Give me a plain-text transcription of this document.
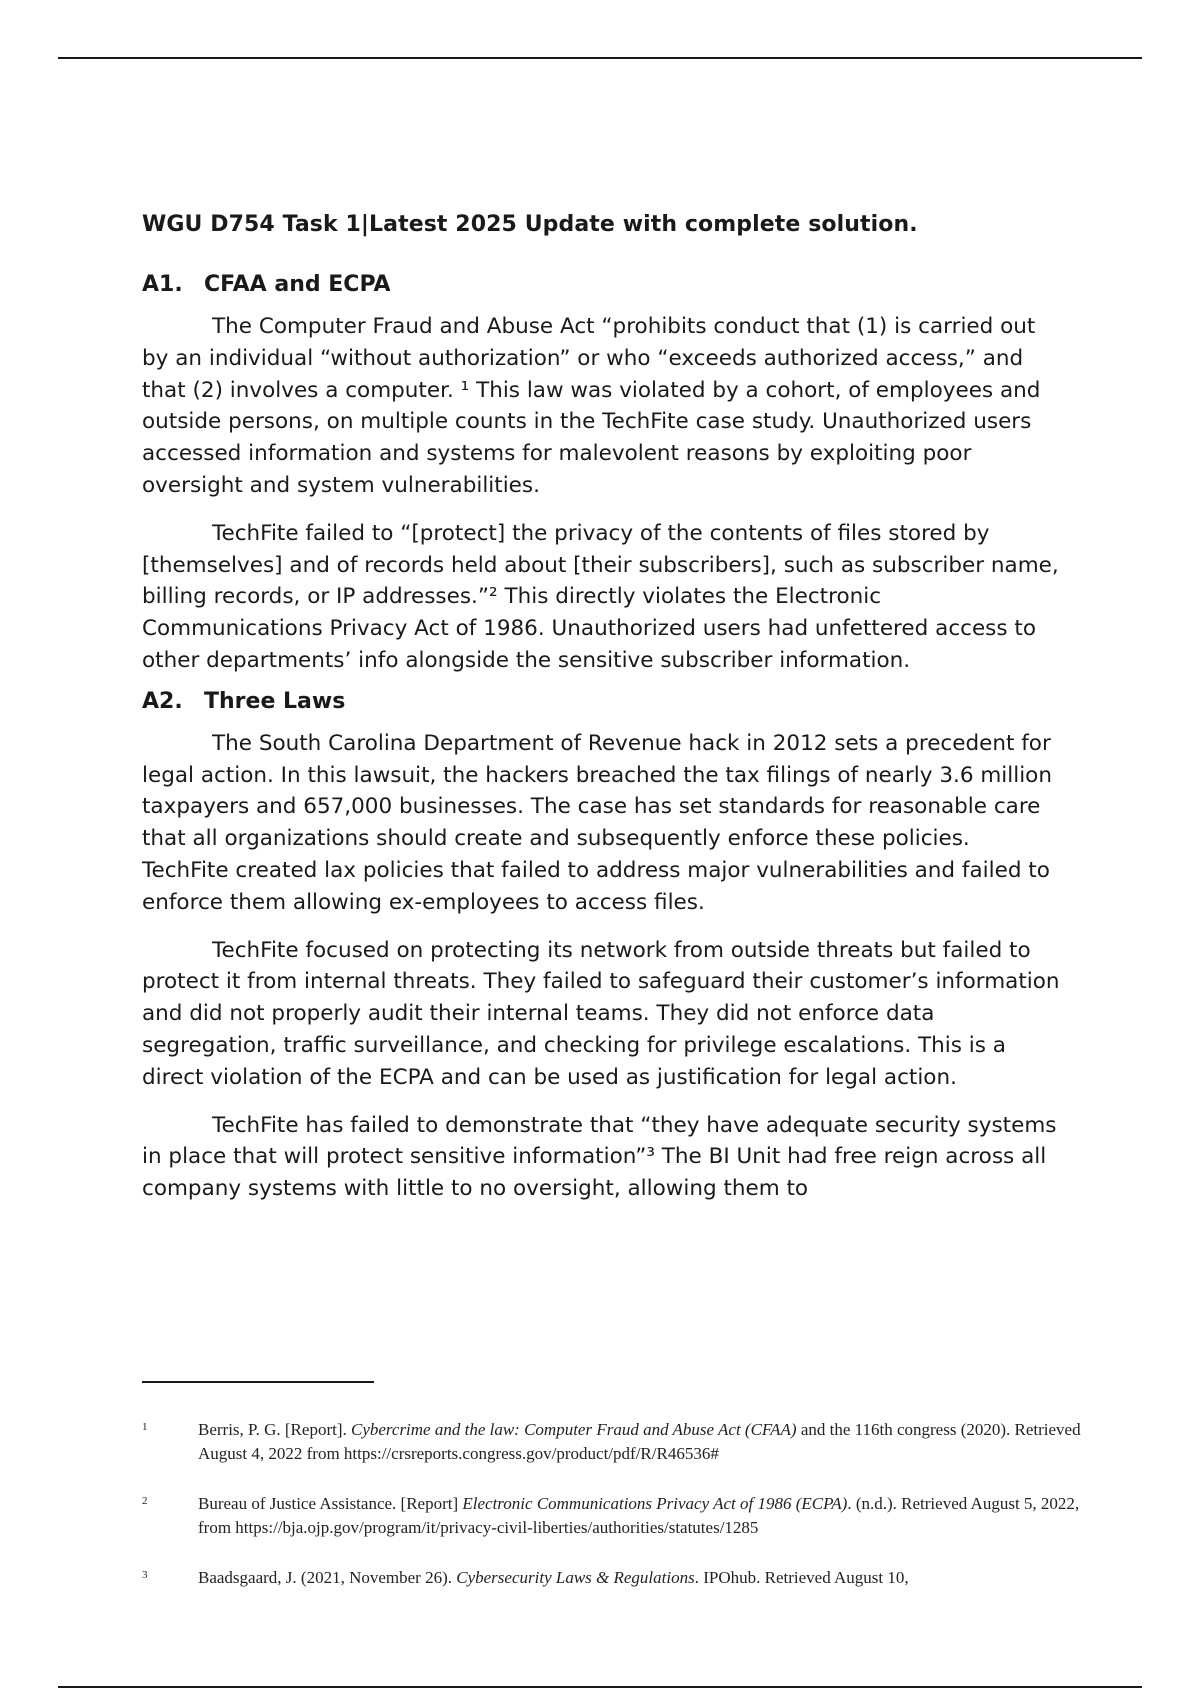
WGU D754 Task 1|Latest 2025 Update with complete solution.
A1. CFAA and ECPA

The Computer Fraud and Abuse Act “prohibits conduct that (1) is carried out by an individual “without authorization” or who “exceeds authorized access,” and that (2) involves a computer. ¹ This law was violated by a cohort, of employees and outside persons, on multiple counts in the TechFite case study. Unauthorized users accessed information and systems for malevolent reasons by exploiting poor oversight and system vulnerabilities.

TechFite failed to “[protect] the privacy of the contents of files stored by [themselves] and of records held about [their subscribers], such as subscriber name, billing records, or IP addresses.”² This directly violates the Electronic Communications Privacy Act of 1986. Unauthorized users had unfettered access to other departments’ info alongside the sensitive subscriber information.

A2. Three Laws

The South Carolina Department of Revenue hack in 2012 sets a precedent for legal action. In this lawsuit, the hackers breached the tax filings of nearly 3.6 million taxpayers and 657,000 businesses. The case has set standards for reasonable care that all organizations should create and subsequently enforce these policies. TechFite created lax policies that failed to address major vulnerabilities and failed to enforce them allowing ex-employees to access files.

TechFite focused on protecting its network from outside threats but failed to protect it from internal threats. They failed to safeguard their customer’s information and did not properly audit their internal teams. They did not enforce data segregation, trafﬁc surveillance, and checking for privilege escalations. This is a direct violation of the ECPA and can be used as justification for legal action.

TechFite has failed to demonstrate that “they have adequate security systems in place that will protect sensitive information”³ The BI Unit had free reign across all company systems with little to no oversight, allowing them to

1	Berris, P. G. [Report]. Cybercrime and the law: Computer Fraud and Abuse Act (CFAA) and the 116th congress (2020). Retrieved August 4, 2022 from https://crsreports.congress.gov/product/pdf/R/R46536#
2	Bureau of Justice Assistance. [Report] Electronic Communications Privacy Act of 1986 (ECPA). (n.d.). Retrieved August 5, 2022, from https://bja.ojp.gov/program/it/privacy-civil-liberties/authorities/statutes/1285
3	Baadsgaard, J. (2021, November 26). Cybersecurity Laws & Regulations. IPOhub. Retrieved August 10,
